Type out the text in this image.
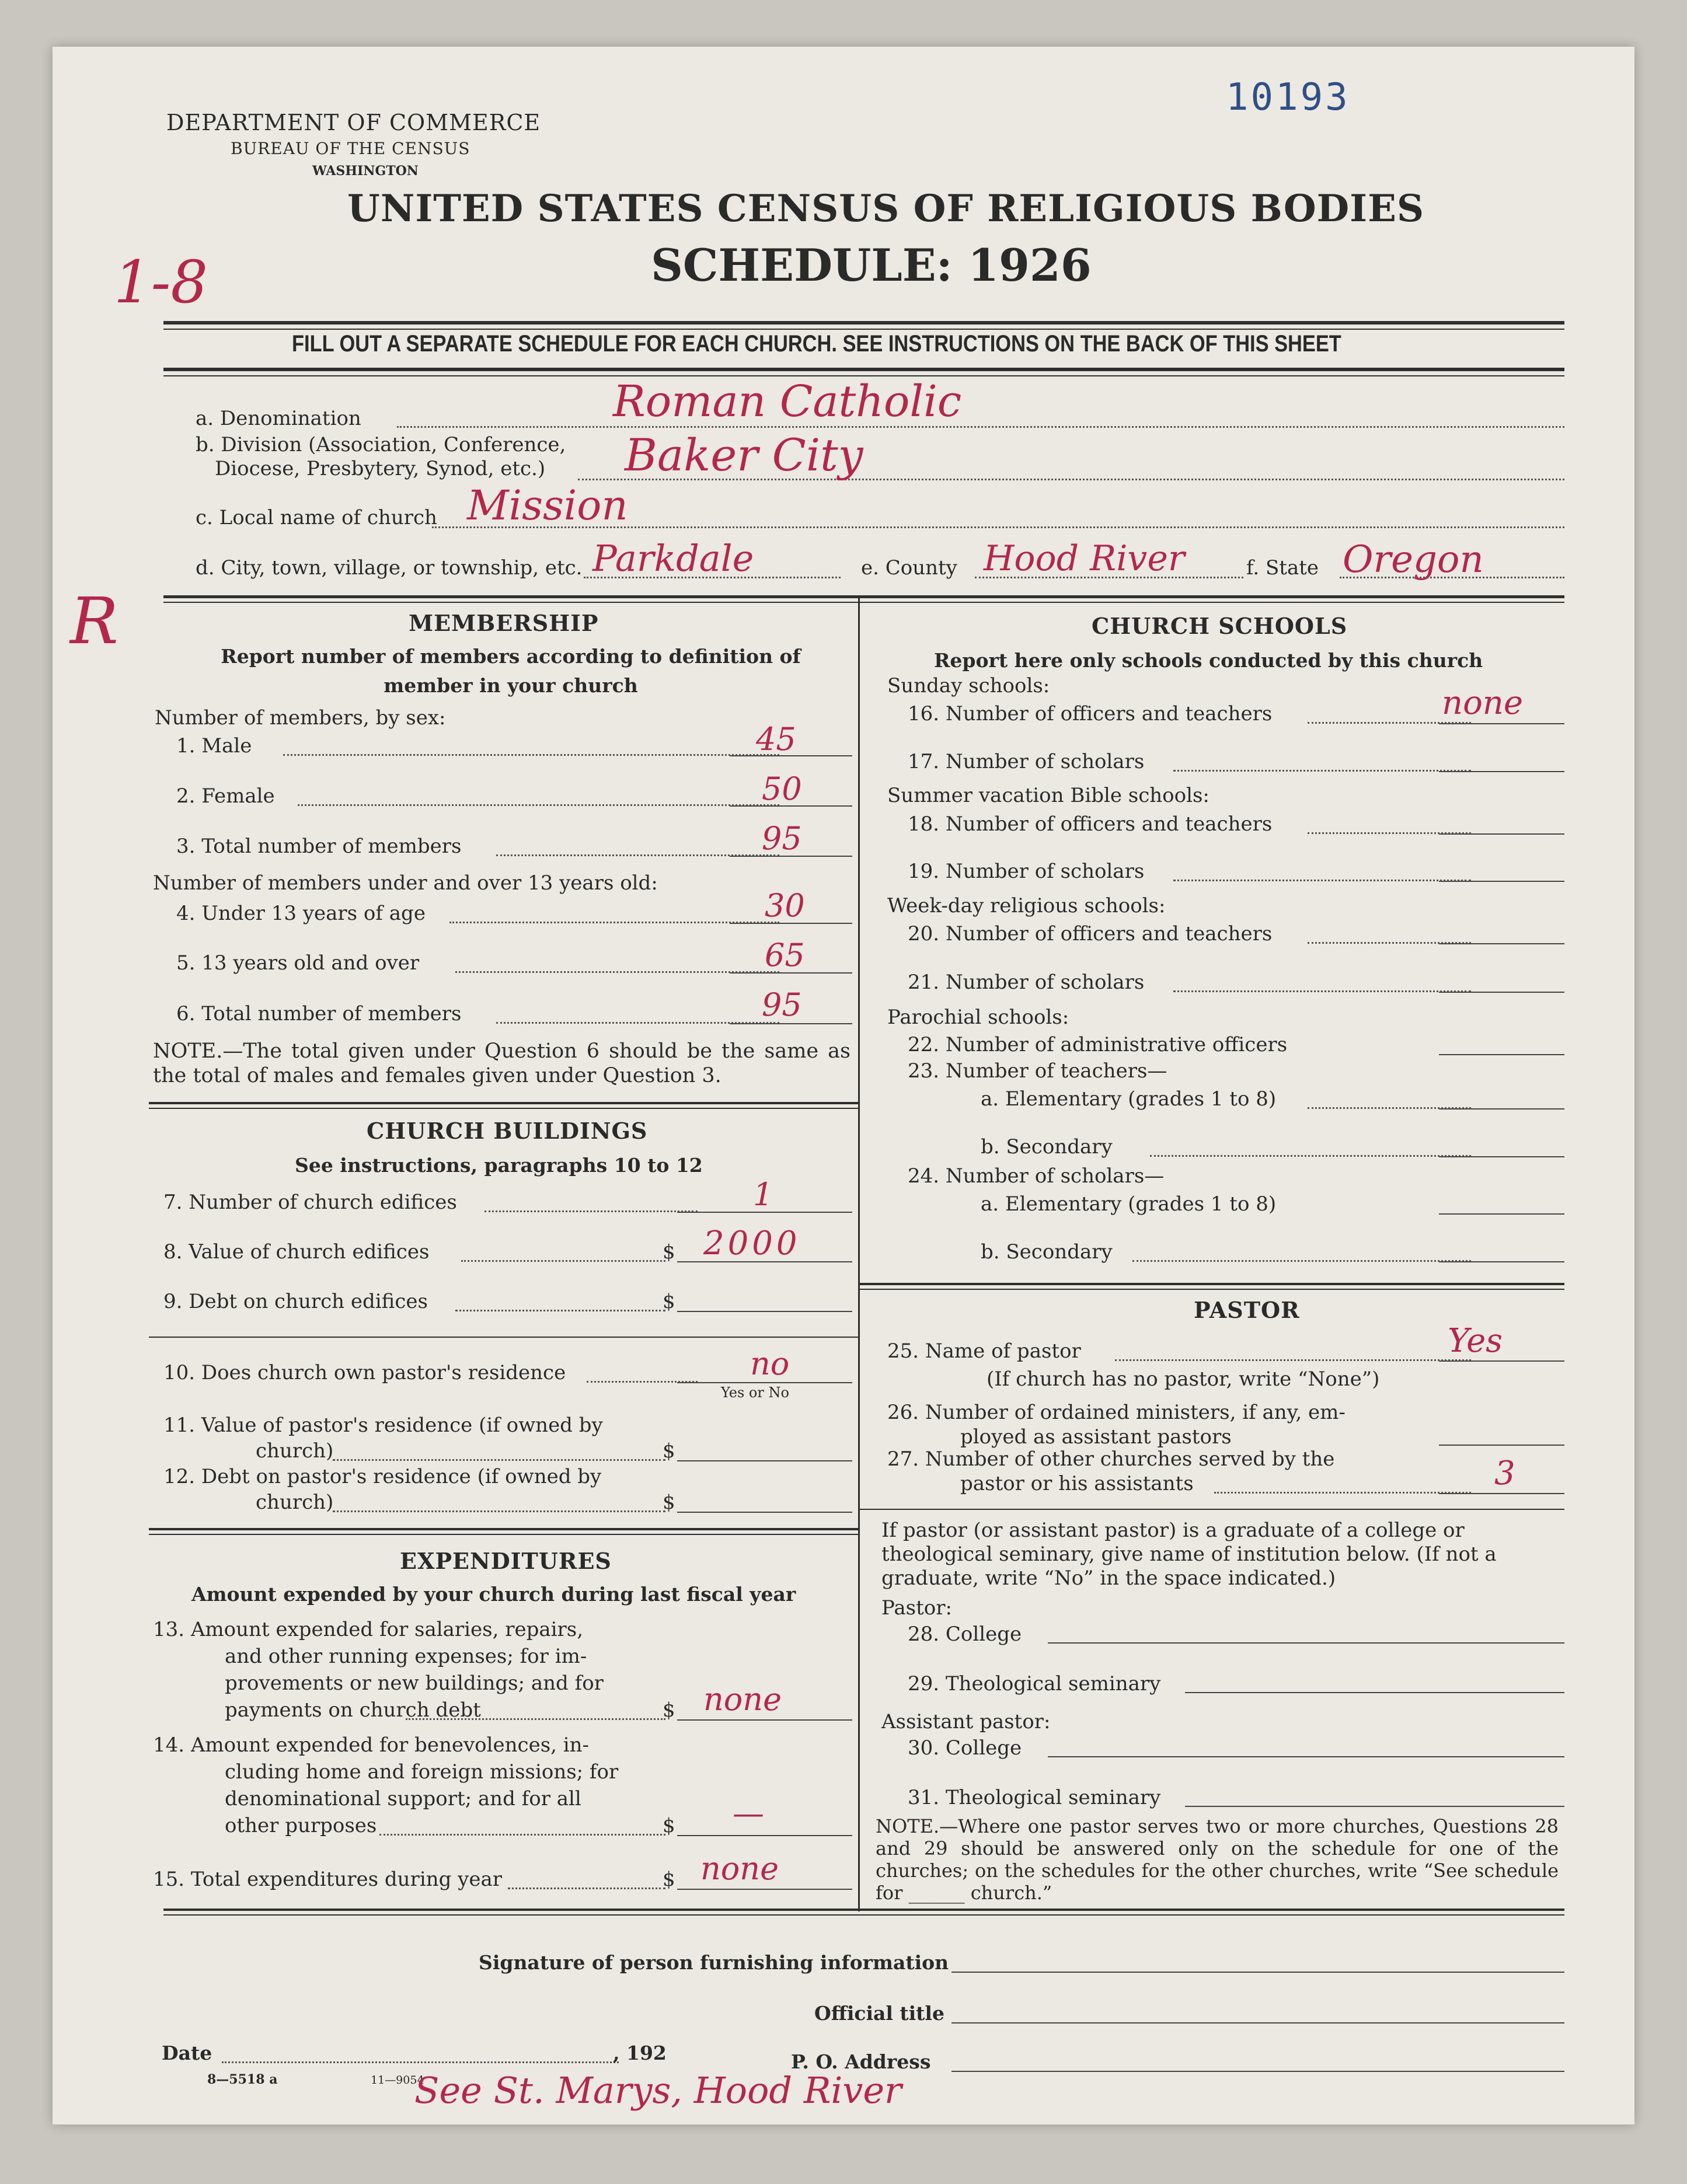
10193
DEPARTMENT OF COMMERCE
BUREAU OF THE CENSUS
WASHINGTON
UNITED STATES CENSUS OF RELIGIOUS BODIES
SCHEDULE: 1926
1-8
R
FILL OUT A SEPARATE SCHEDULE FOR EACH CHURCH. SEE INSTRUCTIONS ON THE BACK OF THIS SHEET
a. Denomination	Roman Catholic
b. Division (Association, Conference,
Diocese, Presbytery, Synod, etc.) Baker City
c. Local name of church Mission
d. City, town, village, or township, etc. Parkdale	e. County Hood River	f. State Oregon
MEMBERSHIP
Report number of members according to definition of member in your church
Number of members, by sex:
1. Male	45
2. Female	50
3. Total number of members	95
Number of members under and over 13 years old:
4. Under 13 years of age	30
5. 13 years old and over	65
6. Total number of members	95
NOTE.—The total given under Question 6 should be the same as the total of males and females given under Question 3.
CHURCH BUILDINGS
See instructions, paragraphs 10 to 12
7. Number of church edifices	1
8. Value of church edifices	$ 2000
9. Debt on church edifices	$
10. Does church own pastor's residence	no
Yes or No
11. Value of pastor's residence (if owned by
church)	$
12. Debt on pastor's residence (if owned by
church)	$
EXPENDITURES
Amount expended by your church during last fiscal year
13. Amount expended for salaries, repairs,
and other running expenses; for im-
provements or new buildings; and for
payments on church debt	$ none
14. Amount expended for benevolences, in-
cluding home and foreign missions; for
denominational support; and for all
other purposes	$ —
15. Total expenditures during year	$ none
CHURCH SCHOOLS
Report here only schools conducted by this church
Sunday schools:
16. Number of officers and teachers	none
17. Number of scholars
Summer vacation Bible schools:
18. Number of officers and teachers
19. Number of scholars
Week-day religious schools:
20. Number of officers and teachers
21. Number of scholars
Parochial schools:
22. Number of administrative officers
23. Number of teachers—
a. Elementary (grades 1 to 8)
b. Secondary
24. Number of scholars—
a. Elementary (grades 1 to 8)
b. Secondary
PASTOR
25. Name of pastor	Yes
(If church has no pastor, write “None”)
26. Number of ordained ministers, if any, em-
ployed as assistant pastors
27. Number of other churches served by the
pastor or his assistants	3
If pastor (or assistant pastor) is a graduate of a college or theological seminary, give name of institution below. (If not a graduate, write “No” in the space indicated.)
Pastor:
28. College
29. Theological seminary
Assistant pastor:
30. College
31. Theological seminary
NOTE.—Where one pastor serves two or more churches, Questions 28 and 29 should be answered only on the schedule for one of the churches; on the schedules for the other churches, write “See schedule for ______ church.”
Signature of person furnishing information
Official title
Date	, 192	P. O. Address
8—5518 a	11—9054
See St. Marys, Hood River
